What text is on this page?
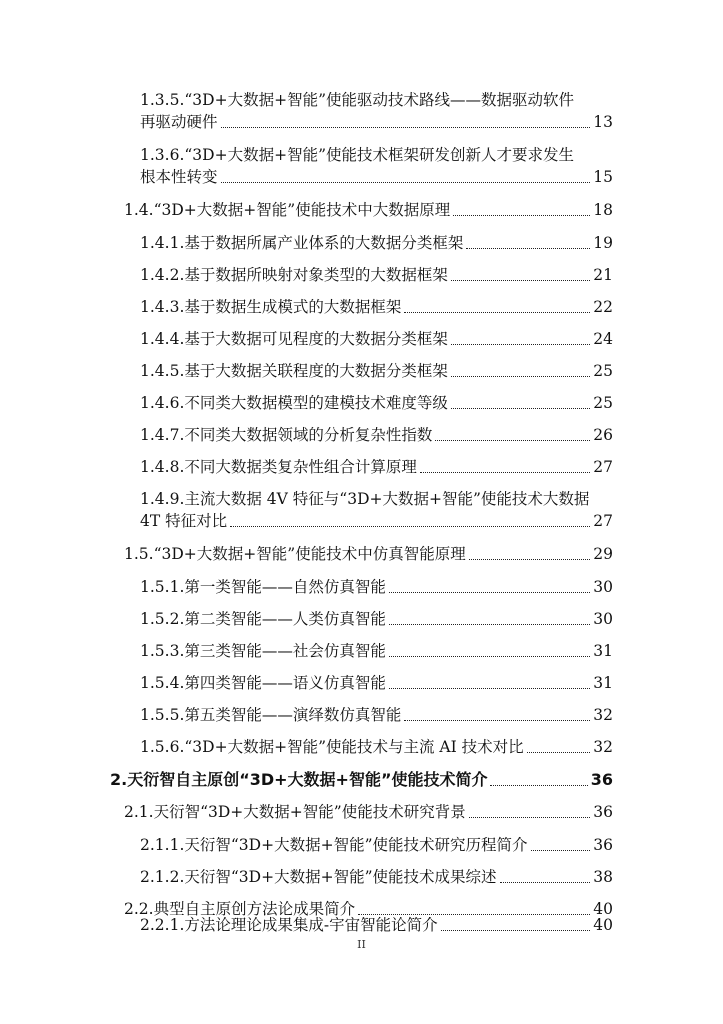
1.3.5.“3D+大数据+智能”使能驱动技术路线——数据驱动软件
再驱动硬件	13
1.3.6.“3D+大数据+智能”使能技术框架研发创新人才要求发生
根本性转变	15
1.4.“3D+大数据+智能”使能技术中大数据原理	18
1.4.1.基于数据所属产业体系的大数据分类框架	19
1.4.2.基于数据所映射对象类型的大数据框架	21
1.4.3.基于数据生成模式的大数据框架	22
1.4.4.基于大数据可见程度的大数据分类框架	24
1.4.5.基于大数据关联程度的大数据分类框架	25
1.4.6.不同类大数据模型的建模技术难度等级	25
1.4.7.不同类大数据领域的分析复杂性指数	26
1.4.8.不同大数据类复杂性组合计算原理	27
1.4.9.主流大数据 4V 特征与“3D+大数据+智能”使能技术大数据
4T 特征对比	27
1.5.“3D+大数据+智能”使能技术中仿真智能原理	29
1.5.1.第一类智能——自然仿真智能	30
1.5.2.第二类智能——人类仿真智能	30
1.5.3.第三类智能——社会仿真智能	31
1.5.4.第四类智能——语义仿真智能	31
1.5.5.第五类智能——演绎数仿真智能	32
1.5.6.“3D+大数据+智能”使能技术与主流 AI 技术对比	32
2.天衍智自主原创“3D+大数据+智能”使能技术简介	36
2.1.天衍智“3D+大数据+智能”使能技术研究背景	36
2.1.1.天衍智“3D+大数据+智能”使能技术研究历程简介	36
2.1.2.天衍智“3D+大数据+智能”使能技术成果综述	38
2.2.典型自主原创方法论成果简介	40
2.2.1.方法论理论成果集成-宇宙智能论简介	40
II
